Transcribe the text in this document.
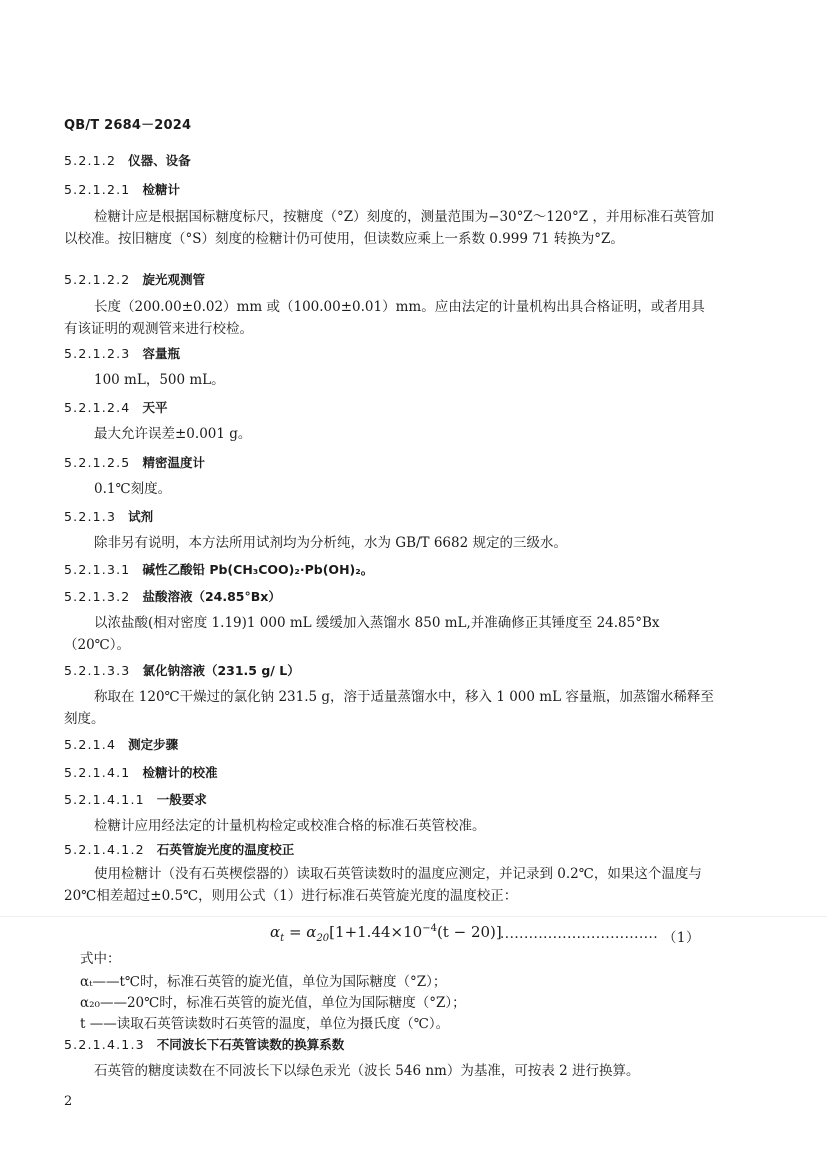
QB/T 2684－2024
5.2.1.2 仪器、设备
5.2.1.2.1 检糖计
检糖计应是根据国标糖度标尺，按糖度（°Z）刻度的，测量范围为−30°Z～120°Z ，并用标准石英管加以校准。按旧糖度（°S）刻度的检糖计仍可使用，但读数应乘上一系数 0.999 71 转换为°Z。
5.2.1.2.2 旋光观测管
长度（200.00±0.02）mm 或（100.00±0.01）mm。应由法定的计量机构出具合格证明，或者用具有该证明的观测管来进行校检。
5.2.1.2.3 容量瓶
100 mL，500 mL。
5.2.1.2.4 天平
最大允许误差±0.001 g。
5.2.1.2.5 精密温度计
0.1℃刻度。
5.2.1.3 试剂
除非另有说明，本方法所用试剂均为分析纯，水为 GB/T 6682 规定的三级水。
5.2.1.3.1 碱性乙酸铅 Pb(CH₃COO)₂·Pb(OH)₂。
5.2.1.3.2 盐酸溶液（24.85°Bx）
以浓盐酸(相对密度 1.19)1 000 mL 缓缓加入蒸馏水 850 mL,并准确修正其锤度至 24.85°Bx（20℃）。
5.2.1.3.3 氯化钠溶液（231.5 g/ L）
称取在 120℃干燥过的氯化钠 231.5 g，溶于适量蒸馏水中，移入 1 000 mL 容量瓶，加蒸馏水稀释至刻度。
5.2.1.4 测定步骤
5.2.1.4.1 检糖计的校准
5.2.1.4.1.1 一般要求
检糖计应用经法定的计量机构检定或校准合格的标准石英管校准。
5.2.1.4.1.2 石英管旋光度的温度校正
使用检糖计（没有石英楔偿器的）读取石英管读数时的温度应测定，并记录到 0.2℃，如果这个温度与 20℃相差超过±0.5℃，则用公式（1）进行标准石英管旋光度的温度校正：
$\alpha_t = \alpha_{20}[1+1.44\times 10^{-4}(t - 20)]$
································· （1）
式中：
αₜ——t℃时，标准石英管的旋光值，单位为国际糖度（°Z）；
α₂₀——20℃时，标准石英管的旋光值，单位为国际糖度（°Z）；
t ——读取石英管读数时石英管的温度，单位为摄氏度（℃）。
5.2.1.4.1.3 不同波长下石英管读数的换算系数
石英管的糖度读数在不同波长下以绿色汞光（波长 546 nm）为基准，可按表 2 进行换算。
2
